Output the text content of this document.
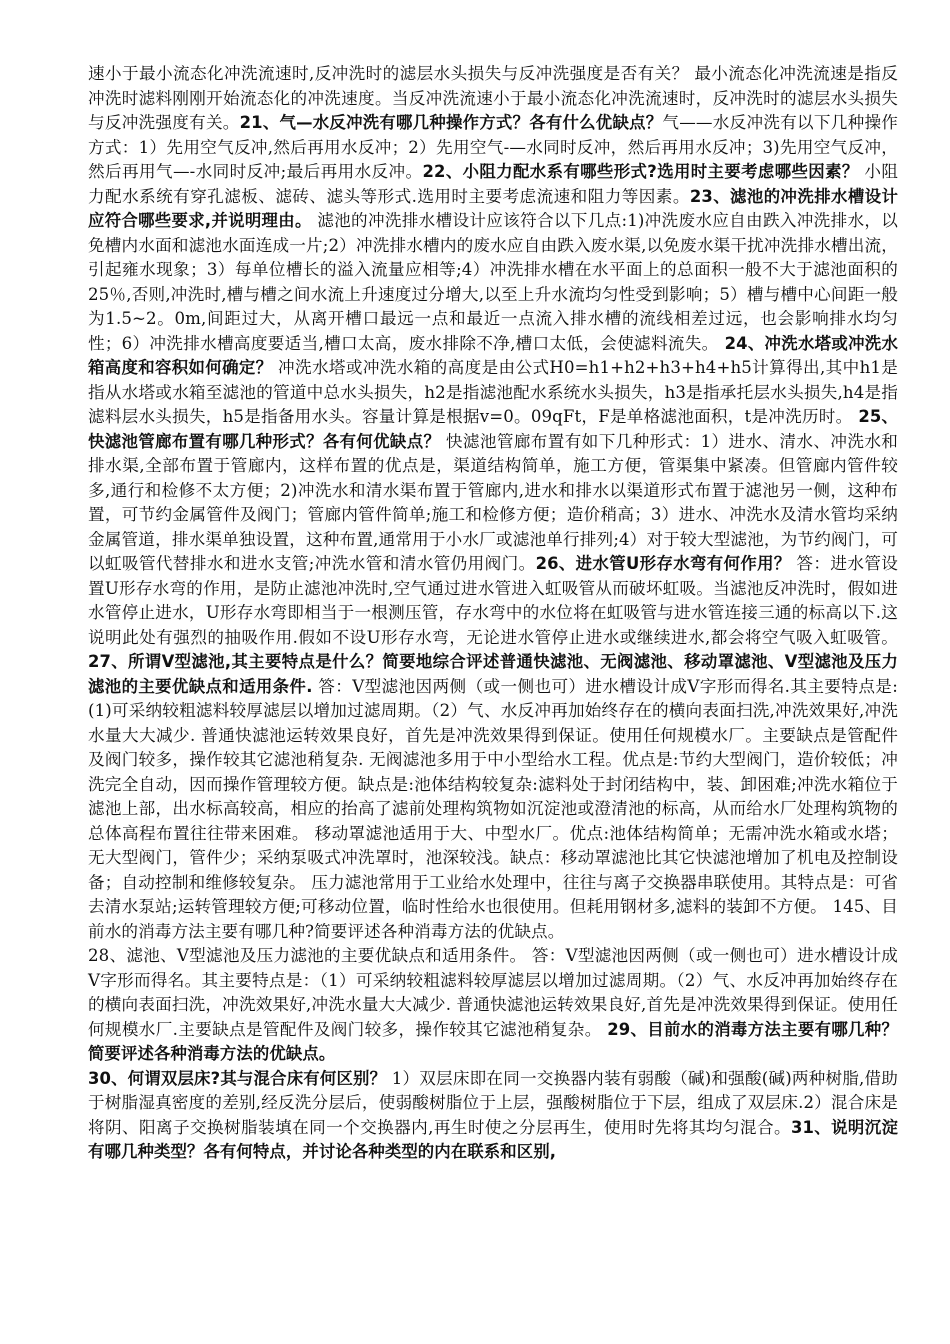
速小于最小流态化冲洗流速时,反冲洗时的滤层水头损失与反冲洗强度是否有关？ 最小流态化冲洗流速是指反冲洗时滤料刚刚开始流态化的冲洗速度。当反冲洗流速小于最小流态化冲洗流速时，反冲洗时的滤层水头损失与反冲洗强度有关。21、气—水反冲洗有哪几种操作方式？各有什么优缺点？气——水反冲洗有以下几种操作方式：1）先用空气反冲,然后再用水反冲；2）先用空气-—水同时反冲，然后再用水反冲；3)先用空气反冲，然后再用气—-水同时反冲;最后再用水反冲。22、小阻力配水系有哪些形式?选用时主要考虑哪些因素？ 小阻力配水系统有穿孔滤板、滤砖、滤头等形式.选用时主要考虑流速和阻力等因素。23、滤池的冲洗排水槽设计应符合哪些要求,并说明理由。 滤池的冲洗排水槽设计应该符合以下几点:1)冲洗废水应自由跌入冲洗排水，以免槽内水面和滤池水面连成一片;2）冲洗排水槽内的废水应自由跌入废水渠,以免废水渠干扰冲洗排水槽出流，引起雍水现象；3）每单位槽长的溢入流量应相等;4）冲洗排水槽在水平面上的总面积一般不大于滤池面积的25％,否则,冲洗时,槽与槽之间水流上升速度过分增大,以至上升水流均匀性受到影响；5）槽与槽中心间距一般为1.5~2。0m,间距过大，从离开槽口最远一点和最近一点流入排水槽的流线相差过远，也会影响排水均匀性；6）冲洗排水槽高度要适当,槽口太高，废水排除不净,槽口太低，会使滤料流失。 24、冲洗水塔或冲洗水箱高度和容积如何确定？ 冲洗水塔或冲洗水箱的高度是由公式H0=h1+h2+h3+h4+h5计算得出,其中h1是指从水塔或水箱至滤池的管道中总水头损失，h2是指滤池配水系统水头损失，h3是指承托层水头损失,h4是指滤料层水头损失，h5是指备用水头。容量计算是根据v=0。09qFt，F是单格滤池面积，t是冲洗历时。 25、快滤池管廊布置有哪几种形式？各有何优缺点？ 快滤池管廊布置有如下几种形式：1）进水、清水、冲洗水和排水渠,全部布置于管廊内，这样布置的优点是，渠道结构简单，施工方便，管渠集中紧凑。但管廊内管件较多,通行和检修不太方便；2)冲洗水和清水渠布置于管廊内,进水和排水以渠道形式布置于滤池另一侧，这种布置，可节约金属管件及阀门；管廊内管件简单;施工和检修方便；造价稍高；3）进水、冲洗水及清水管均采纳金属管道，排水渠单独设置，这种布置,通常用于小水厂或滤池单行排列;4）对于较大型滤池，为节约阀门，可以虹吸管代替排水和进水支管;冲洗水管和清水管仍用阀门。26、进水管U形存水弯有何作用？ 答：进水管设置U形存水弯的作用，是防止滤池冲洗时,空气通过进水管进入虹吸管从而破坏虹吸。当滤池反冲洗时，假如进水管停止进水，U形存水弯即相当于一根测压管，存水弯中的水位将在虹吸管与进水管连接三通的标高以下.这说明此处有强烈的抽吸作用.假如不设U形存水弯，无论进水管停止进水或继续进水,都会将空气吸入虹吸管。27、所谓V型滤池,其主要特点是什么？简要地综合评述普通快滤池、无阀滤池、移动罩滤池、V型滤池及压力滤池的主要优缺点和适用条件. 答：V型滤池因两侧（或一侧也可）进水槽设计成V字形而得名.其主要特点是:(1)可采纳较粗滤料较厚滤层以增加过滤周期。（2）气、水反冲再加始终存在的横向表面扫洗,冲洗效果好,冲洗水量大大减少. 普通快滤池运转效果良好，首先是冲洗效果得到保证。使用任何规模水厂。主要缺点是管配件及阀门较多，操作较其它滤池稍复杂. 无阀滤池多用于中小型给水工程。优点是:节约大型阀门，造价较低；冲洗完全自动，因而操作管理较方便。缺点是:池体结构较复杂:滤料处于封闭结构中，装、卸困难;冲洗水箱位于滤池上部，出水标高较高，相应的抬高了滤前处理构筑物如沉淀池或澄清池的标高，从而给水厂处理构筑物的总体高程布置往往带来困难。 移动罩滤池适用于大、中型水厂。优点:池体结构简单；无需冲洗水箱或水塔；无大型阀门，管件少；采纳泵吸式冲洗罩时，池深较浅。缺点：移动罩滤池比其它快滤池增加了机电及控制设备；自动控制和维修较复杂。 压力滤池常用于工业给水处理中，往往与离子交换器串联使用。其特点是：可省去清水泵站;运转管理较方便;可移动位置，临时性给水也很使用。但耗用钢材多,滤料的装卸不方便。 145、目前水的消毒方法主要有哪几种?简要评述各种消毒方法的优缺点。

28、滤池、V型滤池及压力滤池的主要优缺点和适用条件。 答：V型滤池因两侧（或一侧也可）进水槽设计成V字形而得名。其主要特点是：（1）可采纳较粗滤料较厚滤层以增加过滤周期。（2）气、水反冲再加始终存在的横向表面扫洗，冲洗效果好,冲洗水量大大减少. 普通快滤池运转效果良好,首先是冲洗效果得到保证。使用任何规模水厂.主要缺点是管配件及阀门较多，操作较其它滤池稍复杂。 29、目前水的消毒方法主要有哪几种？简要评述各种消毒方法的优缺点。

30、何谓双层床?其与混合床有何区别？ 1）双层床即在同一交换器内装有弱酸（碱)和强酸(碱)两种树脂,借助于树脂湿真密度的差别,经反洗分层后，使弱酸树脂位于上层，强酸树脂位于下层，组成了双层床.2）混合床是将阴、阳离子交换树脂装填在同一个交换器内,再生时使之分层再生，使用时先将其均匀混合。31、说明沉淀有哪几种类型？各有何特点，并讨论各种类型的内在联系和区别,
